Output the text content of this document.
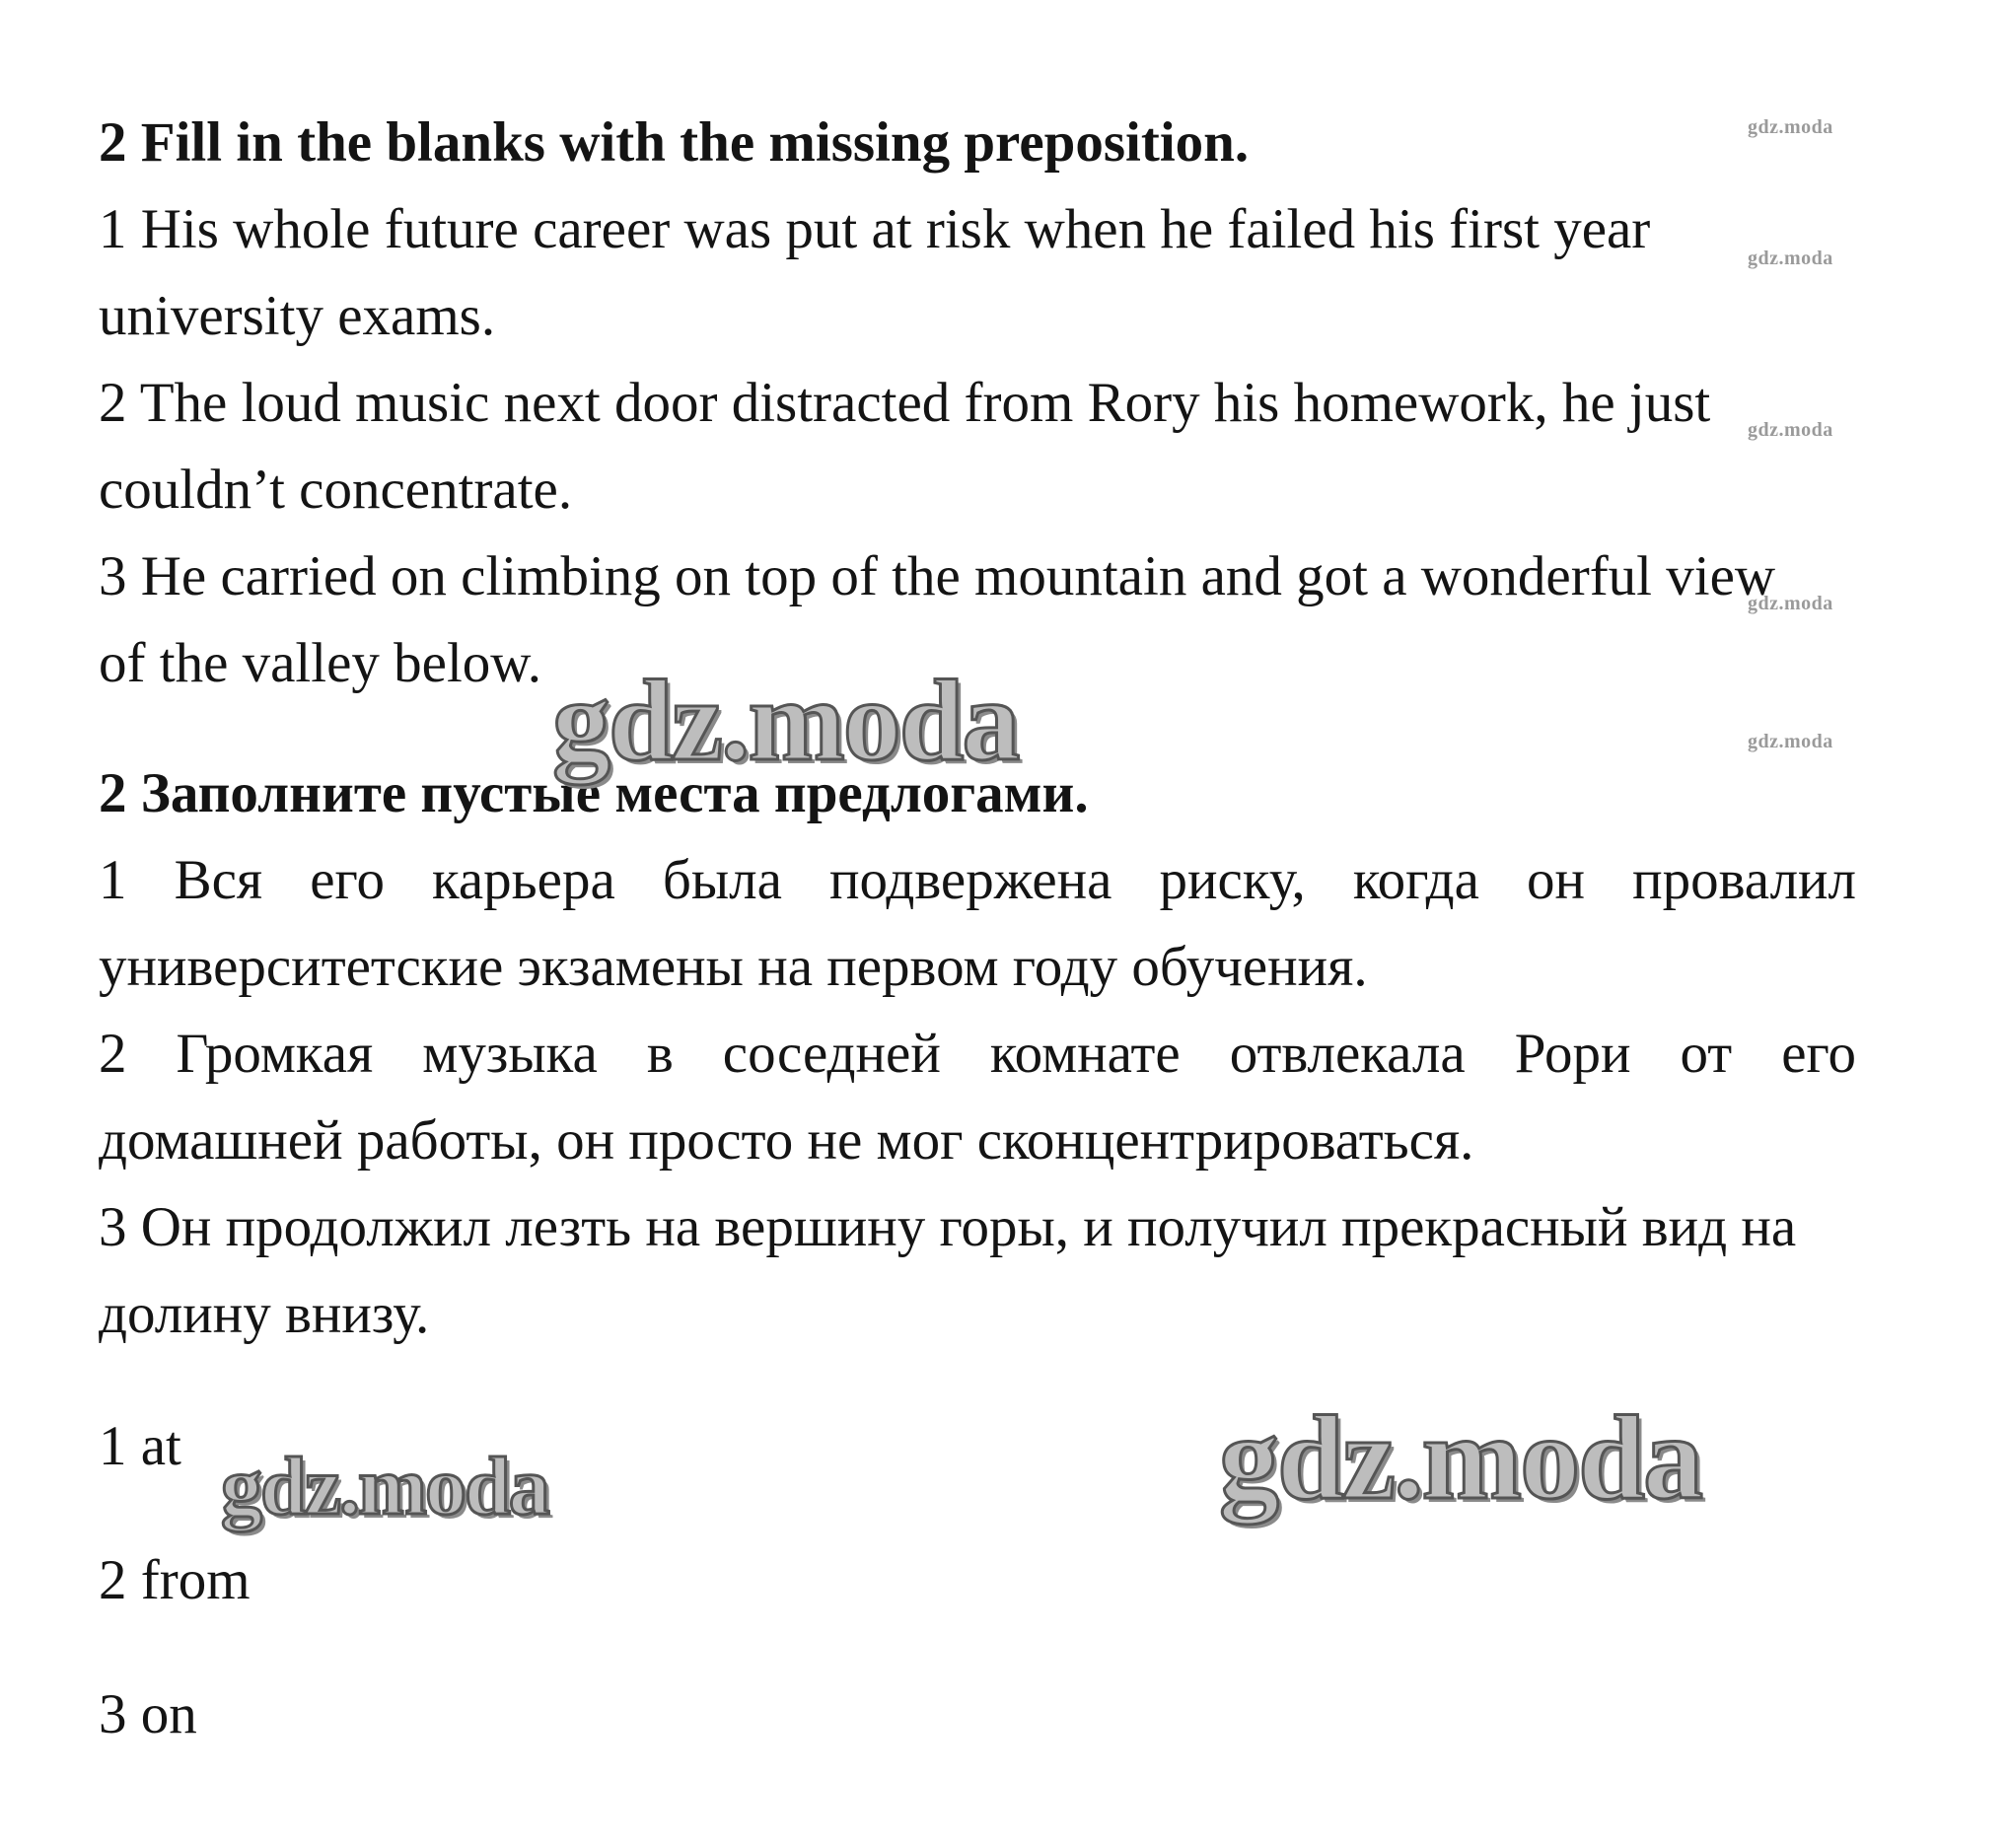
2 Fill in the blanks with the missing preposition.

1 His whole future career was put at risk when he failed his first year

university exams.

2 The loud music next door distracted from Rory his homework, he just

couldn’t concentrate.

3 He carried on climbing on top of the mountain and got a wonderful view

of the valley below.

2 Заполните пустые места предлогами.

1 Вся его карьера была подвержена риску, когда он провалил

университетские экзамены на первом году обучения.

2 Громкая музыка в соседней комнате отвлекала Рори от его

домашней работы, он просто не мог сконцентрироваться.

3 Он продолжил лезть на вершину горы, и получил прекрасный вид на

долину внизу.

1 at

2 from

3 on

gdz.moda
gdz.moda
gdz.moda
gdz.moda
gdz.moda
gdz.moda
gdz.moda	gdz.moda
